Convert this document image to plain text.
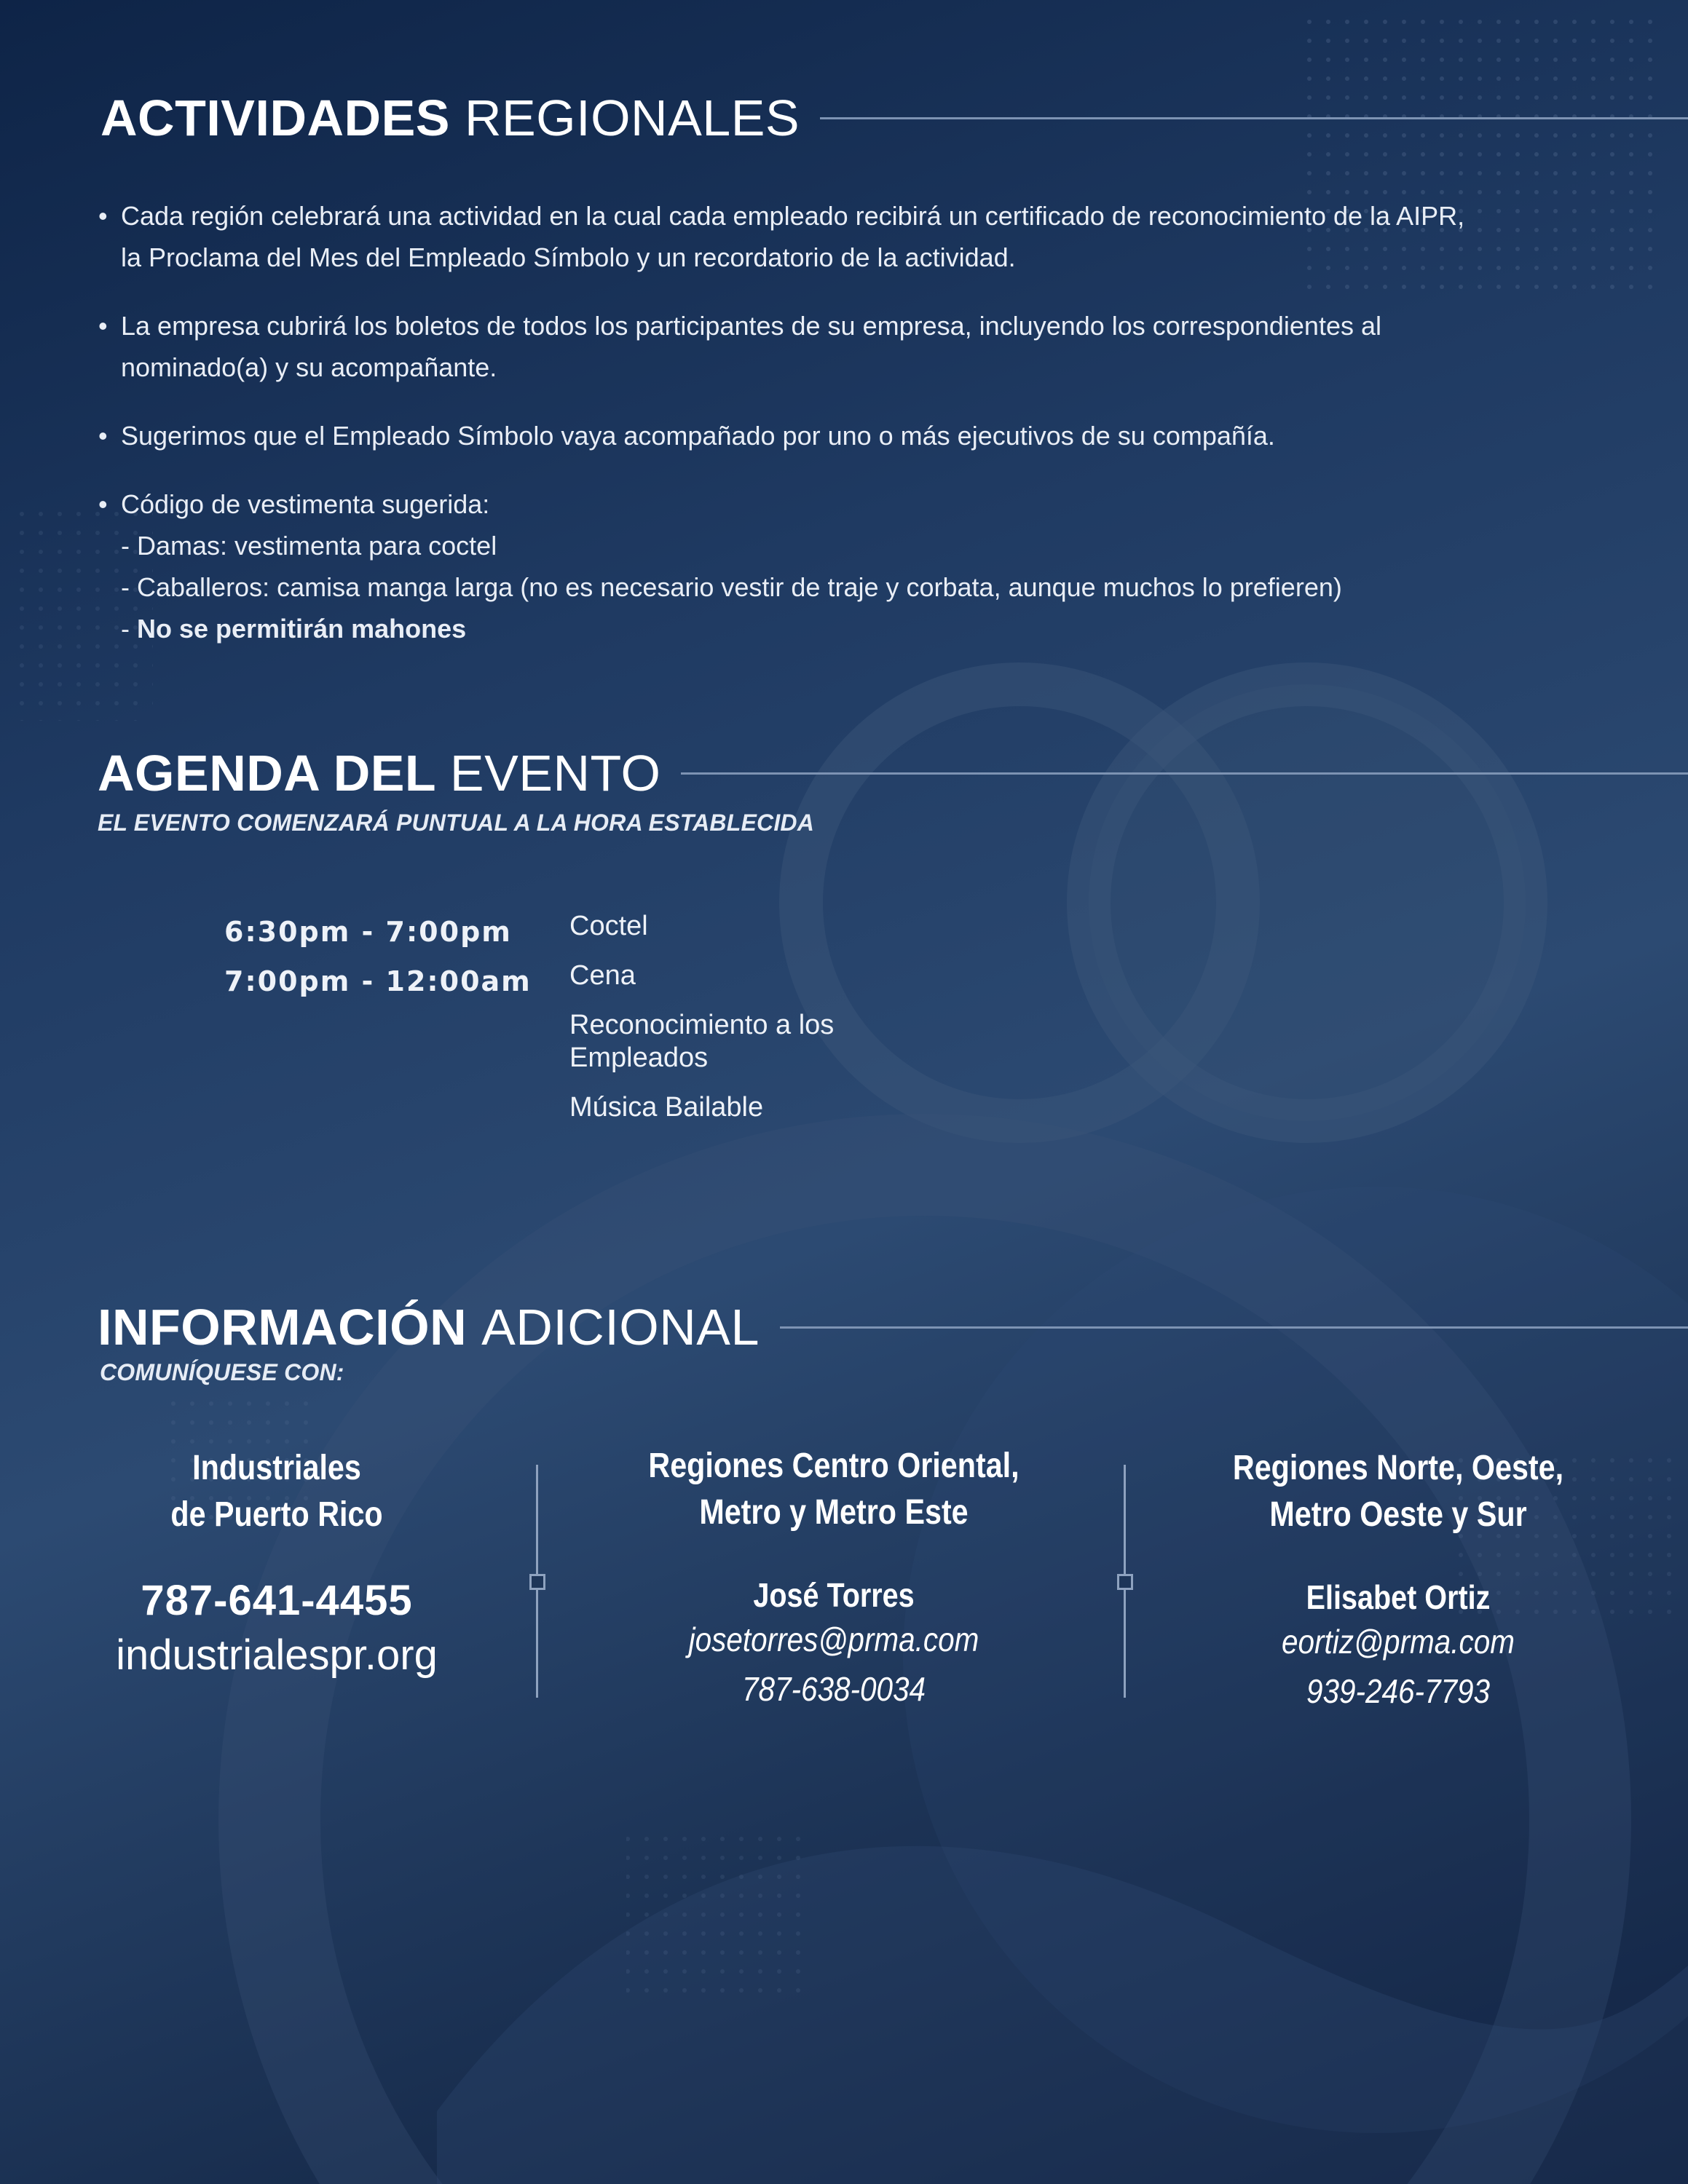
ACTIVIDADES REGIONALES
• Cada región celebrará una actividad en la cual cada empleado recibirá un certificado de reconocimiento de la AIPR,
la Proclama del Mes del Empleado Símbolo y un recordatorio de la actividad.
• La empresa cubrirá los boletos de todos los participantes de su empresa, incluyendo los correspondientes al
nominado(a) y su acompañante.
• Sugerimos que el Empleado Símbolo vaya acompañado por uno o más ejecutivos de su compañía.
• Código de vestimenta sugerida:
- Damas: vestimenta para coctel
- Caballeros: camisa manga larga (no es necesario vestir de traje y corbata, aunque muchos lo prefieren)
- No se permitirán mahones
AGENDA DEL EVENTO
EL EVENTO COMENZARÁ PUNTUAL A LA HORA ESTABLECIDA
6:30pm - 7:00pm	Coctel
7:00pm - 12:00am	Cena
	Reconocimiento a los
Empleados
	Música Bailable
INFORMACIÓN ADICIONAL
COMUNÍQUESE CON:
Industriales
de Puerto Rico
787-641-4455
industrialespr.org
Regiones Centro Oriental,
Metro y Metro Este
José Torres
josetorres@prma.com
787-638-0034
Regiones Norte, Oeste,
Metro Oeste y Sur
Elisabet Ortiz
eortiz@prma.com
939-246-7793
